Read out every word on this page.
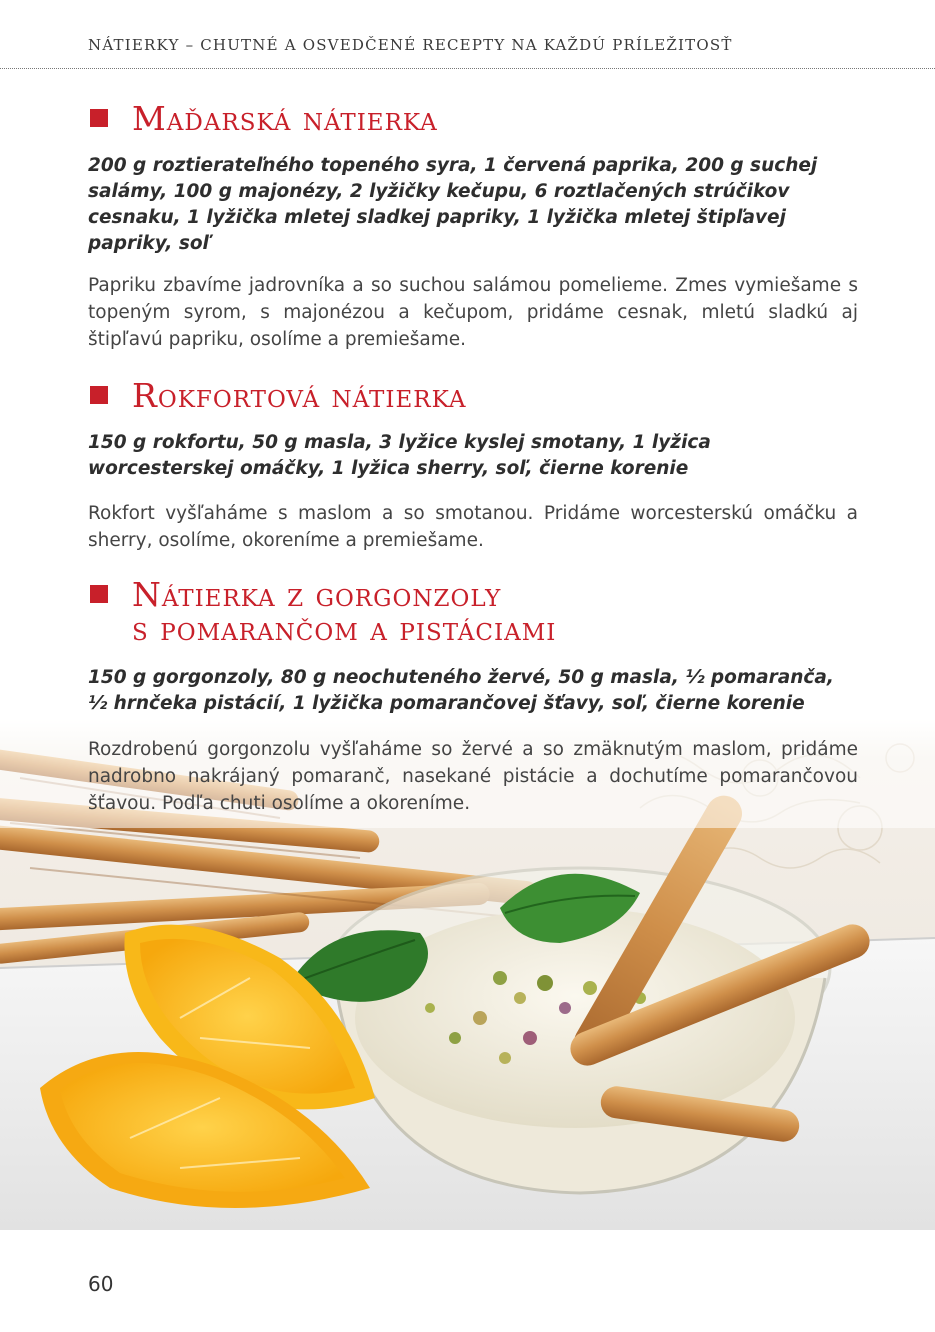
NÁTIERKY – CHUTNÉ A OSVEDČENÉ RECEPTY NA KAŽDÚ PRÍLEŽITOSŤ
Maďarská nátierka
200 g roztierateľného topeného syra, 1 červená paprika, 200 g suchej salámy, 100 g majonézy, 2 lyžičky kečupu, 6 roztlačených strúčikov cesnaku, 1 lyžička mletej sladkej papriky, 1 lyžička mletej štipľavej papriky, soľ
Papriku zbavíme jadrovníka a so suchou salámou pomelieme. Zmes vymiešame s topeným syrom, s majonézou a kečupom, pridáme cesnak, mletú sladkú aj štipľavú papriku, osolíme a premiešame.
Rokfortová nátierka
150 g rokfortu, 50 g masla, 3 lyžice kyslej smotany, 1 lyžica worcesterskej omáčky, 1 lyžica sherry, soľ, čierne korenie
Rokfort vyšľaháme s maslom a so smotanou. Pridáme worcesterskú omáčku a sherry, osolíme, okoreníme a premiešame.
Nátierka z gorgonzoly
s pomarančom a pistáciami
150 g gorgonzoly, 80 g neochuteného žervé, 50 g masla, ½ pomaranča, ½ hrnčeka pistácií, 1 lyžička pomarančovej šťavy, soľ, čierne korenie
Rozdrobenú gorgonzolu vyšľaháme so žervé a so zmäknutým maslom, pridáme nadrobno nakrájaný pomaranč, nasekané pistácie a dochutíme pomarančovou šťavou. Podľa chuti osolíme a okoreníme.
60
